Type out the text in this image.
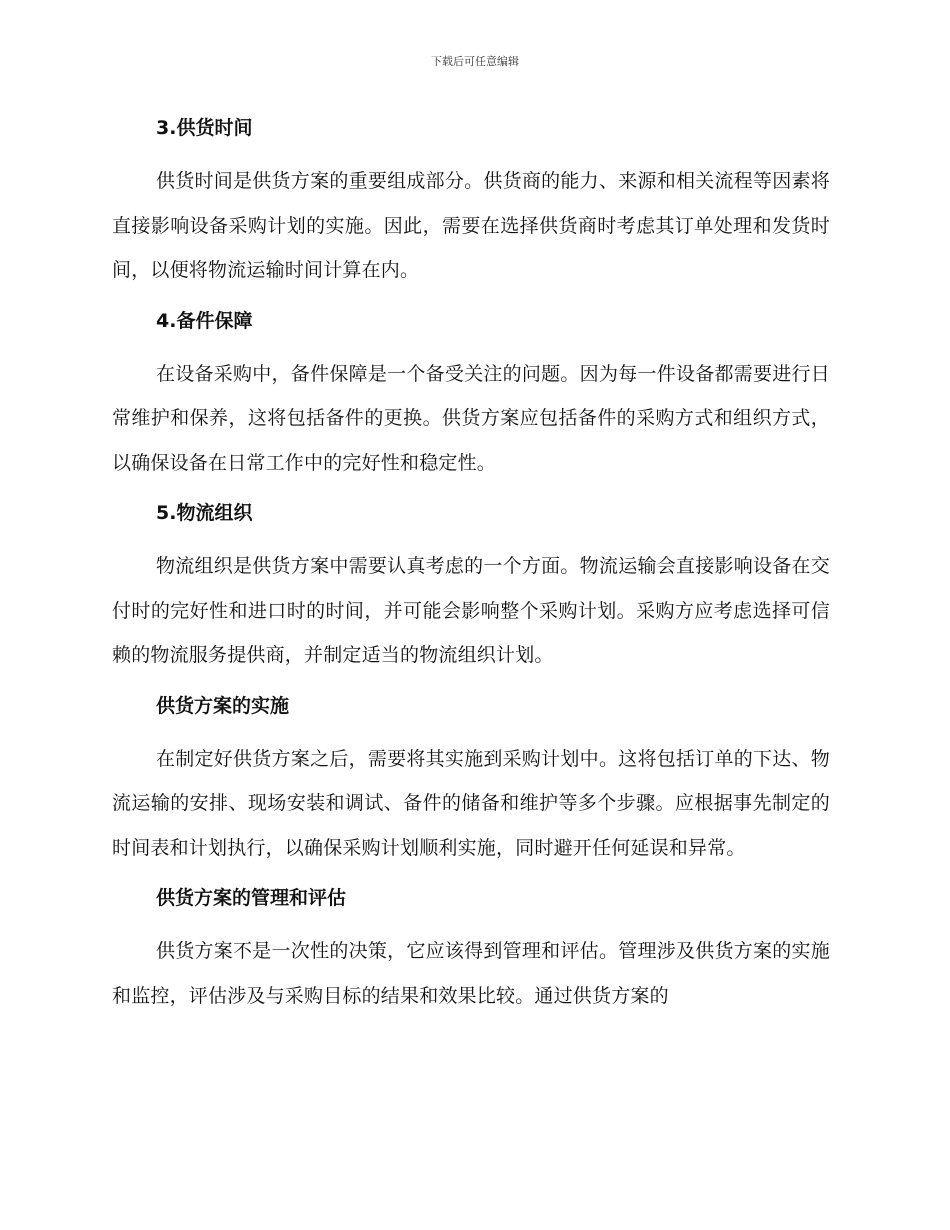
下载后可任意编辑
3.供货时间
供货时间是供货方案的重要组成部分。供货商的能力、来源和相关流程等因素将直接影响设备采购计划的实施。因此，需要在选择供货商时考虑其订单处理和发货时间，以便将物流运输时间计算在内。
4.备件保障
在设备采购中，备件保障是一个备受关注的问题。因为每一件设备都需要进行日常维护和保养，这将包括备件的更换。供货方案应包括备件的采购方式和组织方式，以确保设备在日常工作中的完好性和稳定性。
5.物流组织
物流组织是供货方案中需要认真考虑的一个方面。物流运输会直接影响设备在交付时的完好性和进口时的时间，并可能会影响整个采购计划。采购方应考虑选择可信赖的物流服务提供商，并制定适当的物流组织计划。
供货方案的实施
在制定好供货方案之后，需要将其实施到采购计划中。这将包括订单的下达、物流运输的安排、现场安装和调试、备件的储备和维护等多个步骤。应根据事先制定的时间表和计划执行，以确保采购计划顺利实施，同时避开任何延误和异常。
供货方案的管理和评估
供货方案不是一次性的决策，它应该得到管理和评估。管理涉及供货方案的实施和监控，评估涉及与采购目标的结果和效果比较。通过供货方案的
